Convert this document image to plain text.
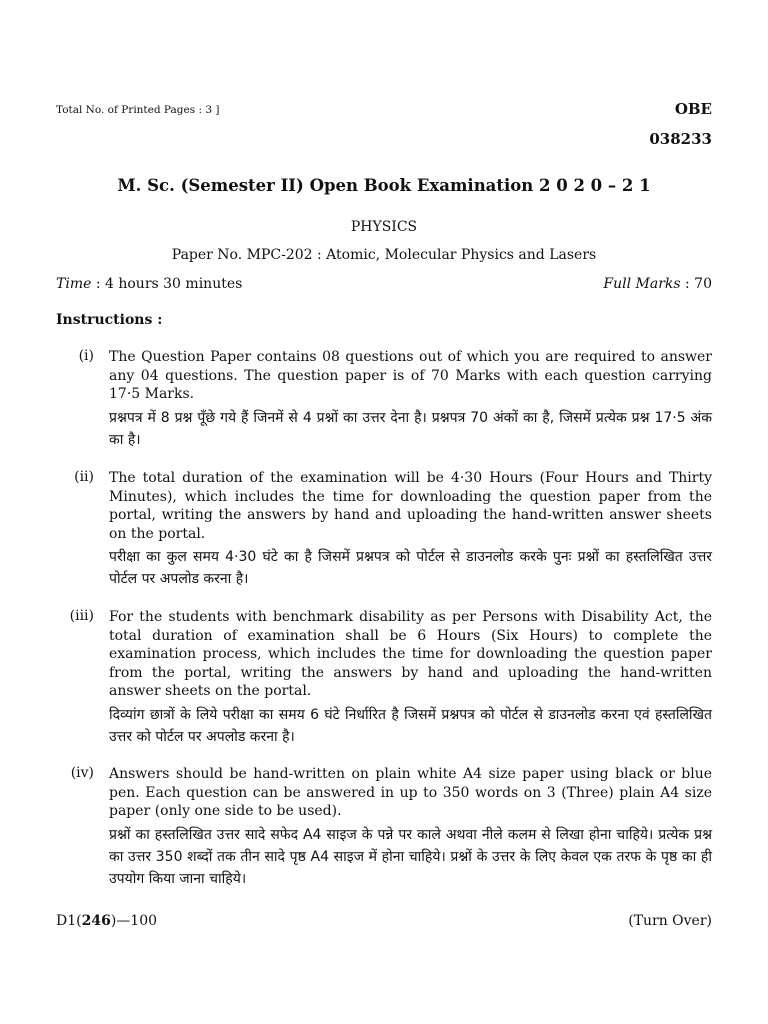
Total No. of Printed Pages : 3 ]	OBE
038233
M. Sc. (Semester II) Open Book Examination 2 0 2 0 – 2 1
PHYSICS
Paper No. MPC-202 : Atomic, Molecular Physics and Lasers
Time : 4 hours 30 minutes	Full Marks : 70
Instructions :
(i) The Question Paper contains 08 questions out of which you are required to answer any 04 questions. The question paper is of 70 Marks with each question carrying 17·5 Marks.

प्रश्नपत्र में 8 प्रश्न पूँछे गये हैं जिनमें से 4 प्रश्नों का उत्तर देना है। प्रश्नपत्र 70 अंकों का है, जिसमें प्रत्येक प्रश्न 17·5 अंक का है।

(ii) The total duration of the examination will be 4·30 Hours (Four Hours and Thirty Minutes), which includes the time for downloading the question paper from the portal, writing the answers by hand and uploading the hand-written answer sheets on the portal.

परीक्षा का कुल समय 4·30 घंटे का है जिसमें प्रश्नपत्र को पोर्टल से डाउनलोड करके पुनः प्रश्नों का हस्तलिखित उत्तर पोर्टल पर अपलोड करना है।

(iii) For the students with benchmark disability as per Persons with Disability Act, the total duration of examination shall be 6 Hours (Six Hours) to complete the examination process, which includes the time for downloading the question paper from the portal, writing the answers by hand and uploading the hand-written answer sheets on the portal.

दिव्यांग छात्रों के लिये परीक्षा का समय 6 घंटे निर्धारित है जिसमें प्रश्नपत्र को पोर्टल से डाउनलोड करना एवं हस्तलिखित उत्तर को पोर्टल पर अपलोड करना है।

(iv) Answers should be hand-written on plain white A4 size paper using black or blue pen. Each question can be answered in up to 350 words on 3 (Three) plain A4 size paper (only one side to be used).

प्रश्नों का हस्तलिखित उत्तर सादे सफेद A4 साइज के पन्ने पर काले अथवा नीले कलम से लिखा होना चाहिये। प्रत्येक प्रश्न का उत्तर 350 शब्दों तक तीन सादे पृष्ठ A4 साइज में होना चाहिये। प्रश्नों के उत्तर के लिए केवल एक तरफ के पृष्ठ का ही उपयोग किया जाना चाहिये।

D1(246)—100	(Turn Over)
